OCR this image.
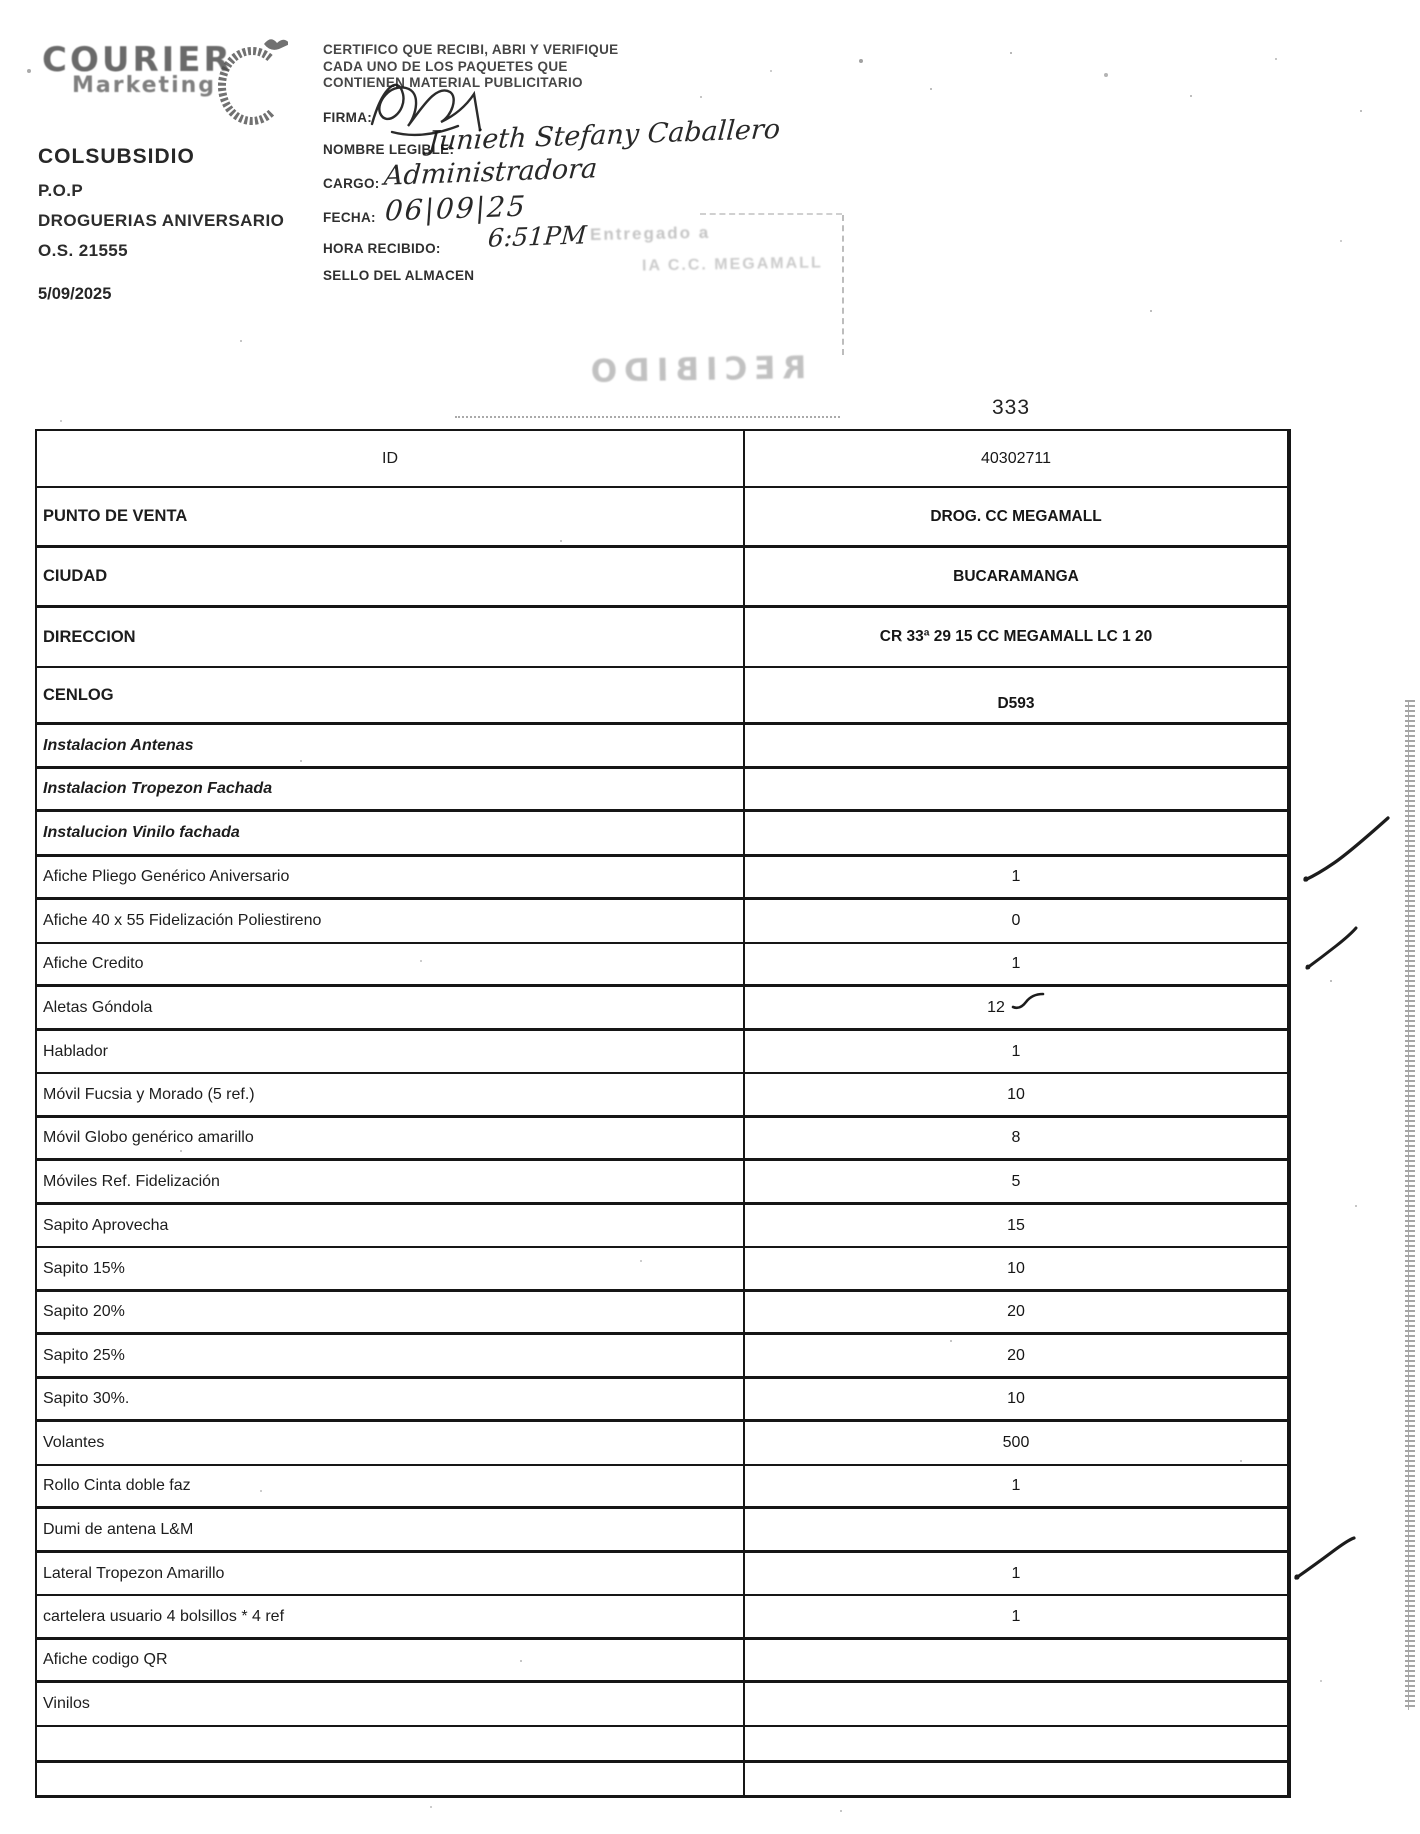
COURIER
Marketing
COLSUBSIDIO
P.O.P
DROGUERIAS ANIVERSARIO
O.S. 21555
5/09/2025
CERTIFICO QUE RECIBI, ABRI Y VERIFIQUE
CADA UNO DE LOS PAQUETES QUE
CONTIENEN MATERIAL PUBLICITARIO
FIRMA:
NOMBRE LEGIBLE:
CARGO:
FECHA:
HORA RECIBIDO:
SELLO DEL ALMACEN
Junieth Stefany Caballero
Administradora
06|09|25
6:51PM Entregado a
IA C.C. MEGAMALL
RECIBIDO
333
ID	40302711
PUNTO DE VENTA	DROG. CC MEGAMALL
CIUDAD	BUCARAMANGA
DIRECCION	CR 33ª 29 15 CC MEGAMALL LC 1 20
CENLOG	D593
Instalacion Antenas
Instalacion Tropezon Fachada
Instalucion Vinilo fachada
Afiche Pliego Genérico Aniversario	1
Afiche 40 x 55 Fidelización Poliestireno	0
Afiche Credito	1
Aletas Góndola	12
Hablador	1
Móvil Fucsia y Morado (5 ref.)	10
Móvil Globo genérico amarillo	8
Móviles Ref. Fidelización	5
Sapito Aprovecha	15
Sapito 15%	10
Sapito 20%	20
Sapito 25%	20
Sapito 30%.	10
Volantes	500
Rollo Cinta doble faz	1
Dumi de antena L&M
Lateral Tropezon Amarillo	1
cartelera usuario 4 bolsillos * 4 ref	1
Afiche codigo QR
Vinilos
